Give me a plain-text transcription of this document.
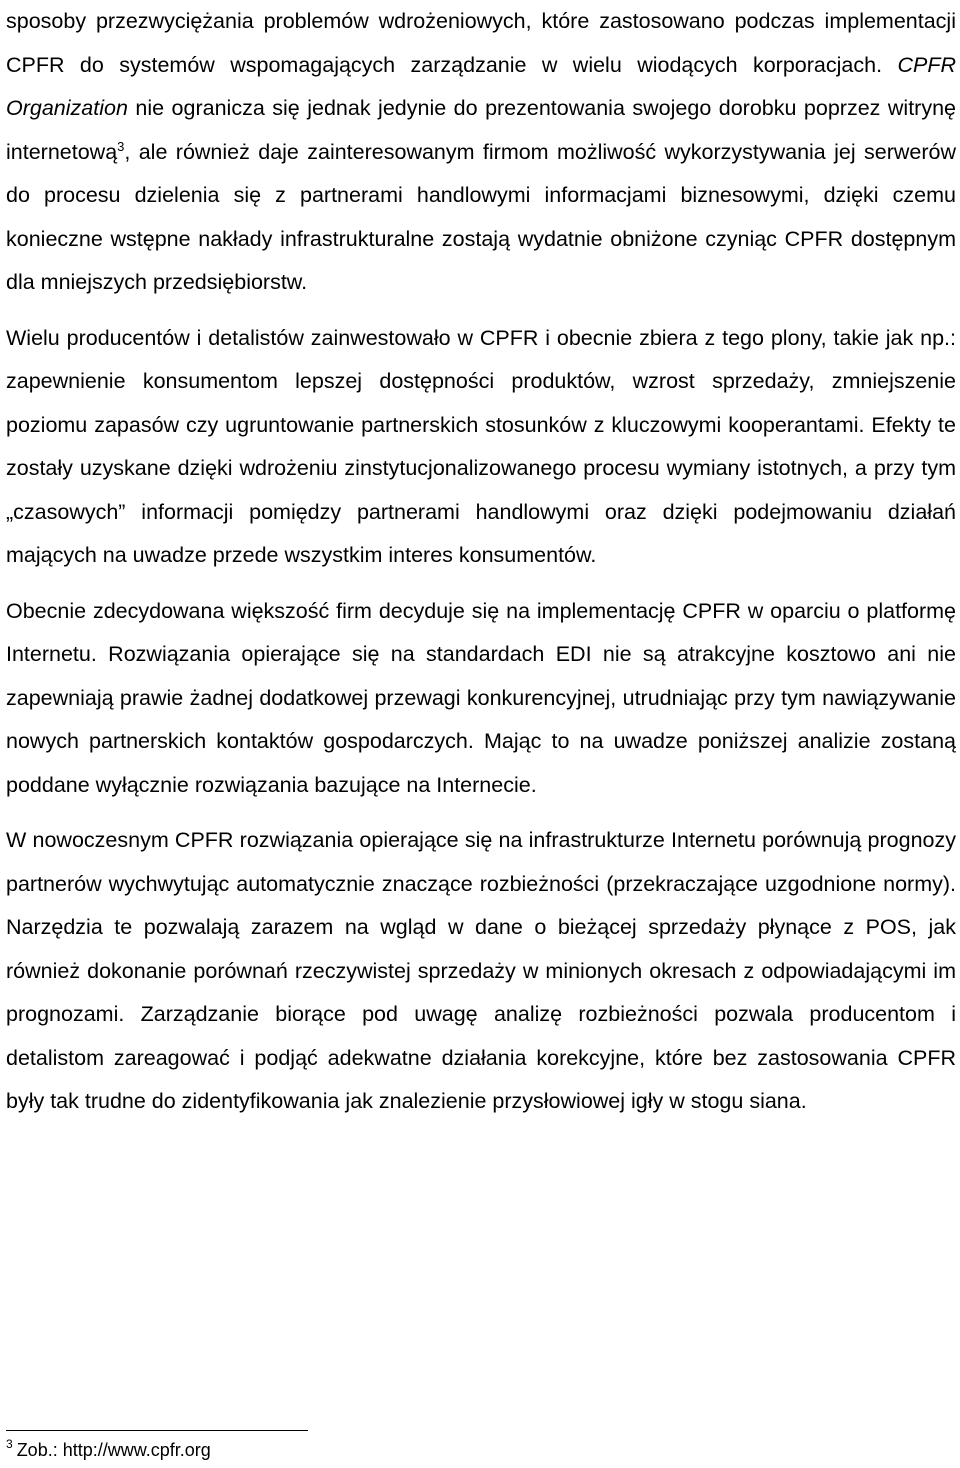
sposoby przezwyciężania problemów wdrożeniowych, które zastosowano podczas implementacji CPFR do systemów wspomagających zarządzanie w wielu wiodących korporacjach. CPFR Organization nie ogranicza się jednak jedynie do prezentowania swojego dorobku poprzez witrynę internetową$^3$, ale również daje zainteresowanym firmom możliwość wykorzystywania jej serwerów do procesu dzielenia się z partnerami handlowymi informacjami biznesowymi, dzięki czemu konieczne wstępne nakłady infrastrukturalne zostają wydatnie obniżone czyniąc CPFR dostępnym dla mniejszych przedsiębiorstw.

Wielu producentów i detalistów zainwestowało w CPFR i obecnie zbiera z tego plony, takie jak np.: zapewnienie konsumentom lepszej dostępności produktów, wzrost sprzedaży, zmniejszenie poziomu zapasów czy ugruntowanie partnerskich stosunków z kluczowymi kooperantami. Efekty te zostały uzyskane dzięki wdrożeniu zinstytucjonalizowanego procesu wymiany istotnych, a przy tym „czasowych” informacji pomiędzy partnerami handlowymi oraz dzięki podejmowaniu działań mających na uwadze przede wszystkim interes konsumentów.

Obecnie zdecydowana większość firm decyduje się na implementację CPFR w oparciu o platformę Internetu. Rozwiązania opierające się na standardach EDI nie są atrakcyjne kosztowo ani nie zapewniają prawie żadnej dodatkowej przewagi konkurencyjnej, utrudniając przy tym nawiązywanie nowych partnerskich kontaktów gospodarczych. Mając to na uwadze poniższej analizie zostaną poddane wyłącznie rozwiązania bazujące na Internecie.

W nowoczesnym CPFR rozwiązania opierające się na infrastrukturze Internetu porównują prognozy partnerów wychwytując automatycznie znaczące rozbieżności (przekraczające uzgodnione normy). Narzędzia te pozwalają zarazem na wgląd w dane o bieżącej sprzedaży płynące z POS, jak również dokonanie porównań rzeczywistej sprzedaży w minionych okresach z odpowiadającymi im prognozami. Zarządzanie biorące pod uwagę analizę rozbieżności pozwala producentom i detalistom zareagować i podjąć adekwatne działania korekcyjne, które bez zastosowania CPFR były tak trudne do zidentyfikowania jak znalezienie przysłowiowej igły w stogu siana.

$^3$ Zob.: http://www.cpfr.org
